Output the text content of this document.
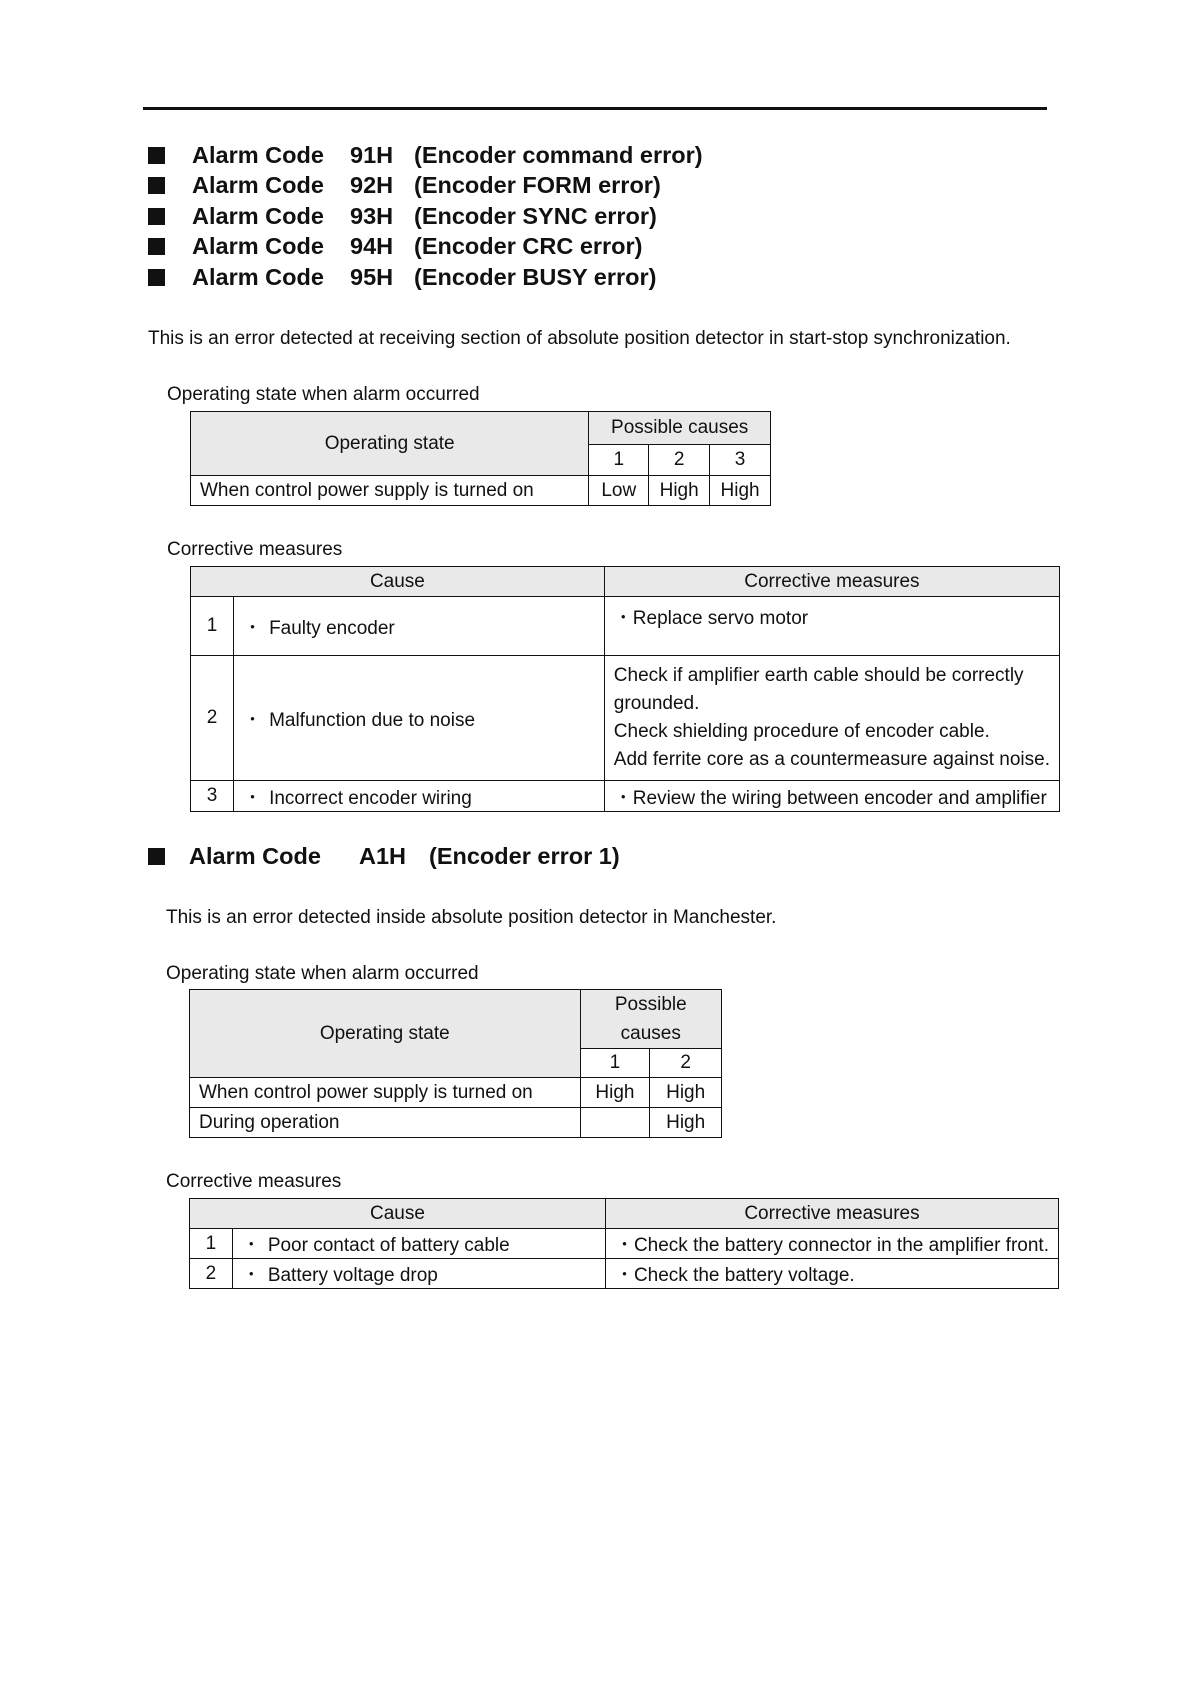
Alarm Code	91H (Encoder command error)
Alarm Code	92H (Encoder FORM error)
Alarm Code	93H (Encoder SYNC error)
Alarm Code	94H (Encoder CRC error)
Alarm Code	95H (Encoder BUSY error)
This is an error detected at receiving section of absolute position detector in start-stop synchronization.
Operating state when alarm occurred
Operating state	Possible causes		
	1	2	3
When control power supply is turned on	Low	High	High
Corrective measures
Cause		Corrective measures
1	・ Faulty encoder	・Replace servo motor
2	・ Malfunction due to noise	Check if amplifier earth cable should be correctly
grounded.
Check shielding procedure of encoder cable.
Add ferrite core as a countermeasure against noise.

3	・ Incorrect encoder wiring	・Review the wiring between encoder and amplifier
Alarm Code	A1H (Encoder error 1)
This is an error detected inside absolute position detector in Manchester.
Operating state when alarm occurred
Operating state	Possible
causes	

	1	2
When control power supply is turned on	High	High
During operation		High
Corrective measures
Cause		Corrective measures
1	・ Poor contact of battery cable	・Check the battery connector in the amplifier front.
2	・ Battery voltage drop	・Check the battery voltage.
